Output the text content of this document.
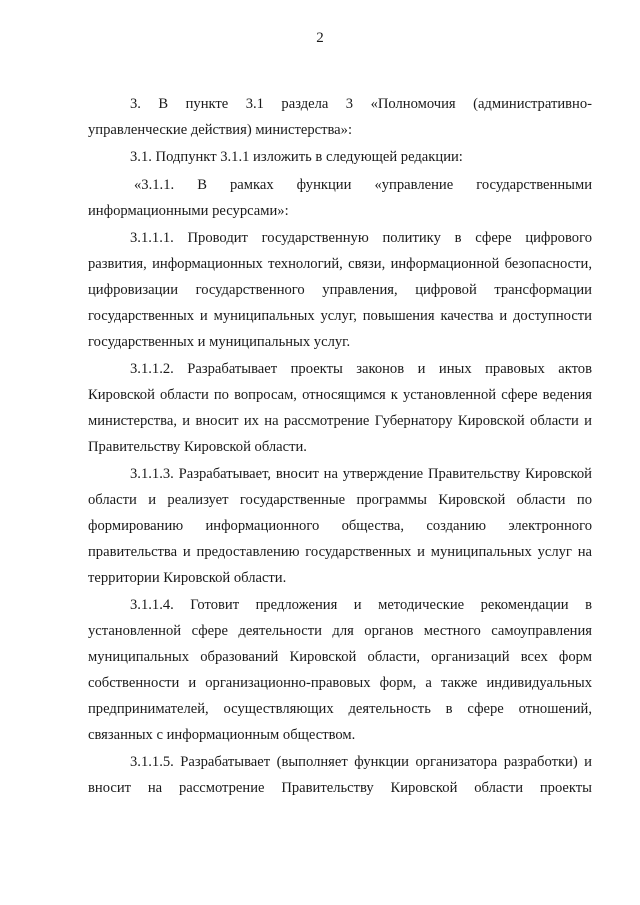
2

3. В пункте 3.1 раздела 3 «Полномочия (административно-управленческие действия) министерства»:

3.1. Подпункт 3.1.1 изложить в следующей редакции:

«3.1.1. В рамках функции «управление государственными информационными ресурсами»:

3.1.1.1. Проводит государственную политику в сфере цифрового развития, информационных технологий, связи, информационной безопасности, цифровизации государственного управления, цифровой трансформации государственных и муниципальных услуг, повышения качества и доступности государственных и муниципальных услуг.

3.1.1.2. Разрабатывает проекты законов и иных правовых актов Кировской области по вопросам, относящимся к установленной сфере ведения министерства, и вносит их на рассмотрение Губернатору Кировской области и Правительству Кировской области.

3.1.1.3. Разрабатывает, вносит на утверждение Правительству Кировской области и реализует государственные программы Кировской области по формированию информационного общества, созданию электронного правительства и предоставлению государственных и муниципальных услуг на территории Кировской области.

3.1.1.4. Готовит предложения и методические рекомендации в установленной сфере деятельности для органов местного самоуправления муниципальных образований Кировской области, организаций всех форм собственности и организационно-правовых форм, а также индивидуальных предпринимателей, осуществляющих деятельность в сфере отношений, связанных с информационным обществом.

3.1.1.5. Разрабатывает (выполняет функции организатора разработки) и вносит на рассмотрение Правительству Кировской области проекты
